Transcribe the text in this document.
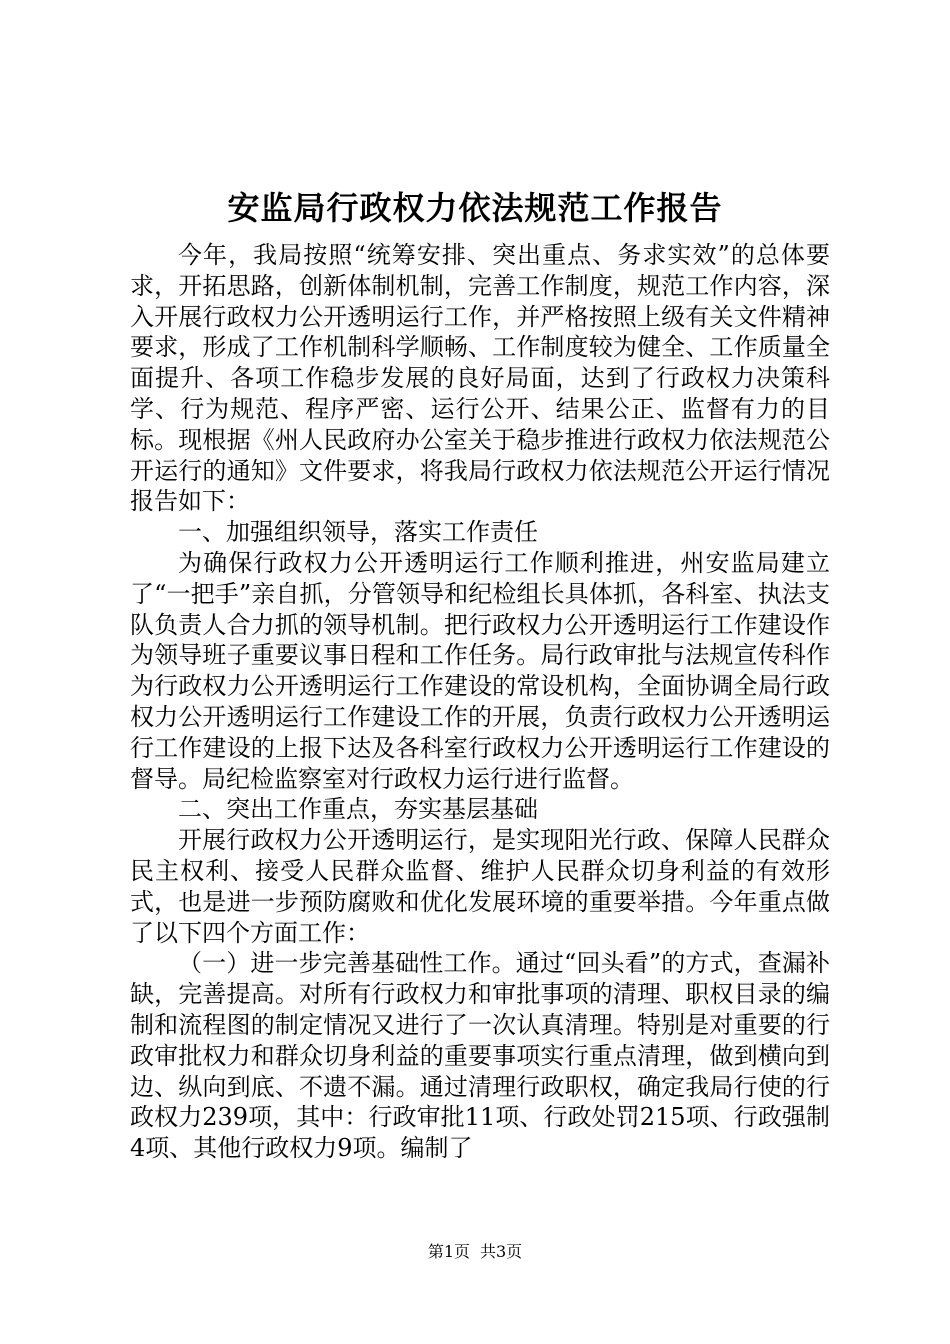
安监局行政权力依法规范工作报告

今年，我局按照“统筹安排、突出重点、务求实效”的总体要求，开拓思路，创新体制机制，完善工作制度，规范工作内容，深入开展行政权力公开透明运行工作，并严格按照上级有关文件精神要求，形成了工作机制科学顺畅、工作制度较为健全、工作质量全面提升、各项工作稳步发展的良好局面，达到了行政权力决策科学、行为规范、程序严密、运行公开、结果公正、监督有力的目标。现根据《州人民政府办公室关于稳步推进行政权力依法规范公开运行的通知》文件要求，将我局行政权力依法规范公开运行情况报告如下：

一、加强组织领导，落实工作责任

为确保行政权力公开透明运行工作顺利推进，州安监局建立了“一把手”亲自抓，分管领导和纪检组长具体抓，各科室、执法支队负责人合力抓的领导机制。把行政权力公开透明运行工作建设作为领导班子重要议事日程和工作任务。局行政审批与法规宣传科作为行政权力公开透明运行工作建设的常设机构，全面协调全局行政权力公开透明运行工作建设工作的开展，负责行政权力公开透明运行工作建设的上报下达及各科室行政权力公开透明运行工作建设的督导。局纪检监察室对行政权力运行进行监督。

二、突出工作重点，夯实基层基础

开展行政权力公开透明运行，是实现阳光行政、保障人民群众民主权利、接受人民群众监督、维护人民群众切身利益的有效形式，也是进一步预防腐败和优化发展环境的重要举措。今年重点做了以下四个方面工作：

（一）进一步完善基础性工作。通过“回头看”的方式，查漏补缺，完善提高。对所有行政权力和审批事项的清理、职权目录的编制和流程图的制定情况又进行了一次认真清理。特别是对重要的行政审批权力和群众切身利益的重要事项实行重点清理，做到横向到边、纵向到底、不遗不漏。通过清理行政职权，确定我局行使的行政权力239项，其中：行政审批11项、行政处罚215项、行政强制4项、其他行政权力9项。编制了

第1页 共3页
